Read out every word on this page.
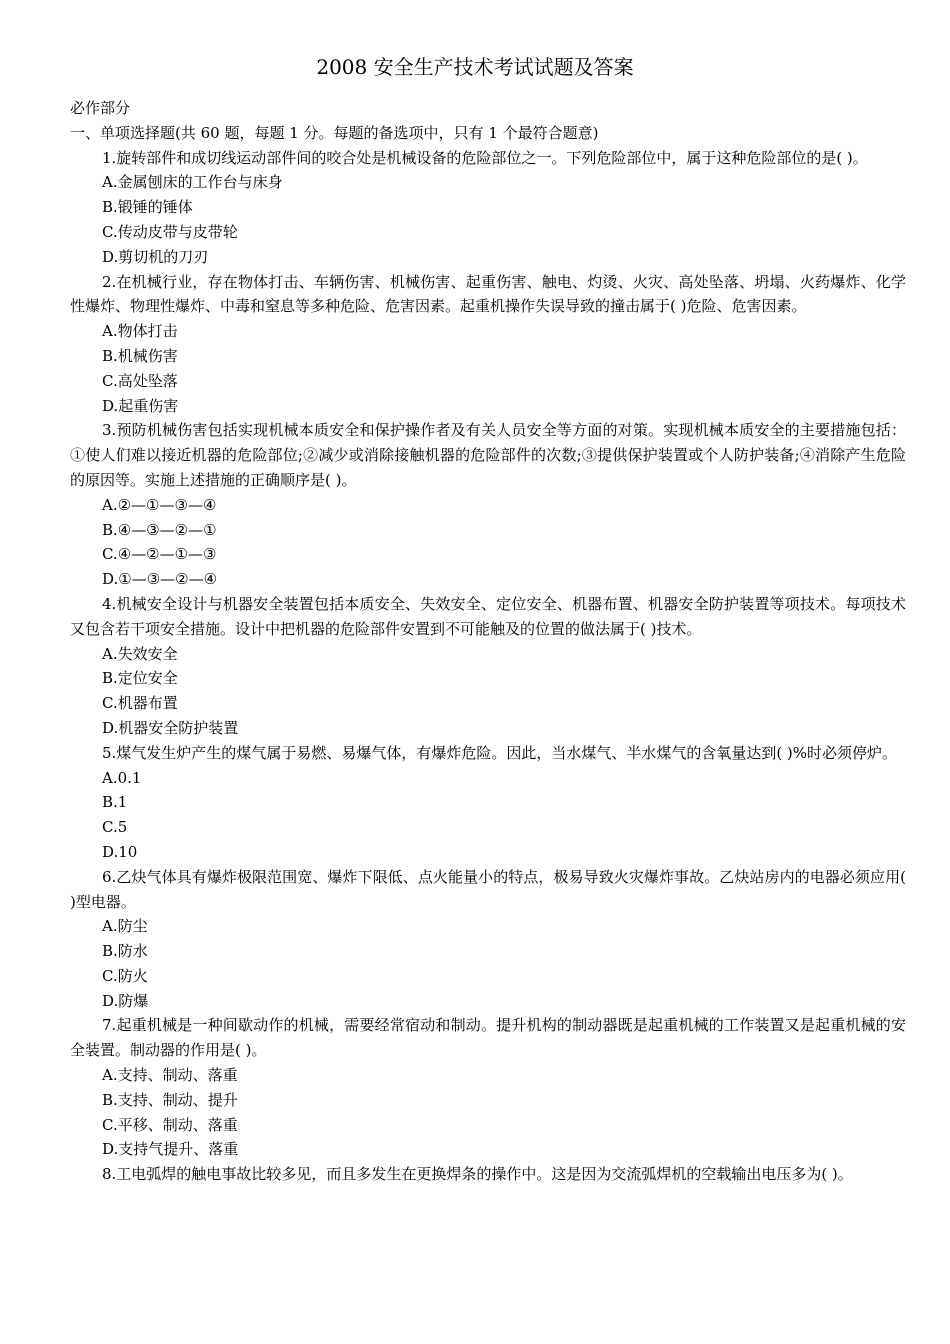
2008 安全生产技术考试试题及答案
必作部分
一、单项选择题(共 60 题，每题 1 分。每题的备选项中，只有 1 个最符合题意)
1.旋转部件和成切线运动部件间的咬合处是机械设备的危险部位之一。下列危险部位中，属于这种危险部位的是( )。
A.金属刨床的工作台与床身
B.锻锤的锤体
C.传动皮带与皮带轮
D.剪切机的刀刃
2.在机械行业，存在物体打击、车辆伤害、机械伤害、起重伤害、触电、灼烫、火灾、高处坠落、坍塌、火药爆炸、化学性爆炸、物理性爆炸、中毒和窒息等多种危险、危害因素。起重机操作失误导致的撞击属于( )危险、危害因素。
A.物体打击
B.机械伤害
C.高处坠落
D.起重伤害
3.预防机械伤害包括实现机械本质安全和保护操作者及有关人员安全等方面的对策。实现机械本质安全的主要措施包括：①使人们难以接近机器的危险部位;②减少或消除接触机器的危险部件的次数;③提供保护装置或个人防护装备;④消除产生危险的原因等。实施上述措施的正确顺序是( )。
A.②—①—③—④
B.④—③—②—①
C.④—②—①—③
D.①—③—②—④
4.机械安全设计与机器安全装置包括本质安全、失效安全、定位安全、机器布置、机器安全防护装置等项技术。每项技术又包含若干项安全措施。设计中把机器的危险部件安置到不可能触及的位置的做法属于( )技术。
A.失效安全
B.定位安全
C.机器布置
D.机器安全防护装置
5.煤气发生炉产生的煤气属于易燃、易爆气体，有爆炸危险。因此，当水煤气、半水煤气的含氧量达到( )%时必须停炉。
A.0.1
B.1
C.5
D.10
6.乙炔气体具有爆炸极限范围宽、爆炸下限低、点火能量小的特点，极易导致火灾爆炸事故。乙炔站房内的电器必须应用( )型电器。
A.防尘
B.防水
C.防火
D.防爆
7.起重机械是一种间歇动作的机械，需要经常宿动和制动。提升机构的制动器既是起重机械的工作装置又是起重机械的安全装置。制动器的作用是( )。
A.支持、制动、落重
B.支持、制动、提升
C.平移、制动、落重
D.支持气提升、落重
8.工电弧焊的触电事故比较多见，而且多发生在更换焊条的操作中。这是因为交流弧焊机的空载输出电压多为( )。
